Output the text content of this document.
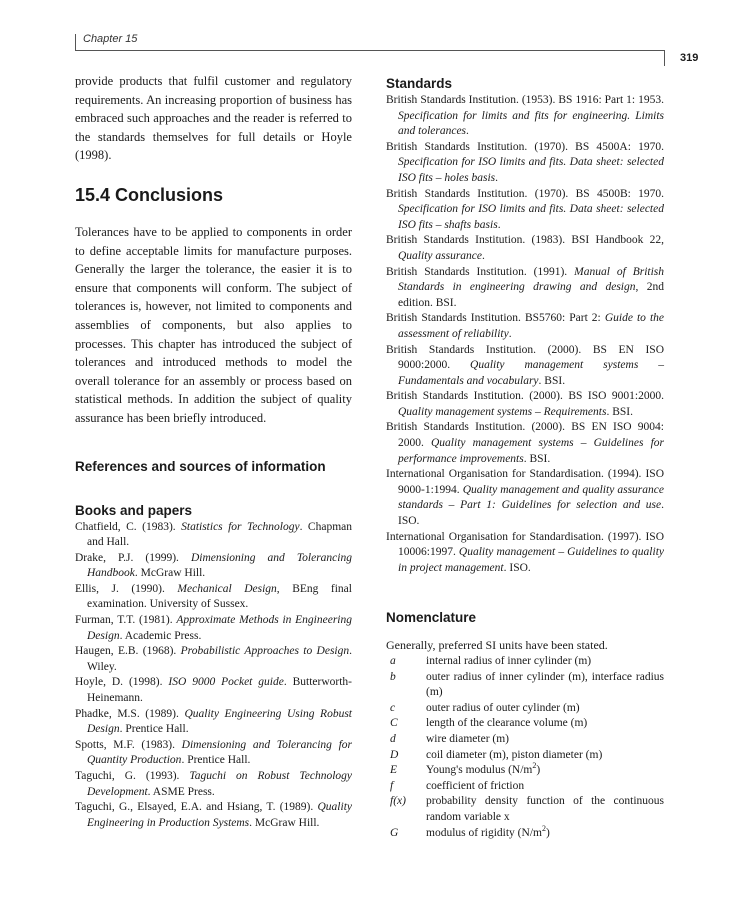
Chapter 15
319

provide products that fulfil customer and regulatory requirements. An increasing proportion of business has embraced such approaches and the reader is referred to the standards themselves for full details or Hoyle (1998).

15.4 Conclusions

Tolerances have to be applied to components in order to define acceptable limits for manufacture purposes. Generally the larger the tolerance, the easier it is to ensure that components will conform. The subject of tolerances is, however, not limited to components and assemblies of components, but also applies to processes. This chapter has introduced the subject of tolerances and introduced methods to model the overall tolerance for an assembly or process based on statistical methods. In addition the subject of quality assurance has been briefly introduced.

References and sources of information
Books and papers
Chatfield, C. (1983). Statistics for Technology. Chapman and Hall.
Drake, P.J. (1999). Dimensioning and Tolerancing Handbook. McGraw Hill.
Ellis, J. (1990). Mechanical Design, BEng final examination. University of Sussex.
Furman, T.T. (1981). Approximate Methods in Engineering Design. Academic Press.
Haugen, E.B. (1968). Probabilistic Approaches to Design. Wiley.
Hoyle, D. (1998). ISO 9000 Pocket guide. Butterworth-Heinemann.
Phadke, M.S. (1989). Quality Engineering Using Robust Design. Prentice Hall.
Spotts, M.F. (1983). Dimensioning and Tolerancing for Quantity Production. Prentice Hall.
Taguchi, G. (1993). Taguchi on Robust Technology Development. ASME Press.
Taguchi, G., Elsayed, E.A. and Hsiang, T. (1989). Quality Engineering in Production Systems. McGraw Hill.
Standards
British Standards Institution. (1953). BS 1916: Part 1: 1953. Specification for limits and fits for engineering. Limits and tolerances.
British Standards Institution. (1970). BS 4500A: 1970. Specification for ISO limits and fits. Data sheet: selected ISO fits – holes basis.
British Standards Institution. (1970). BS 4500B: 1970. Specification for ISO limits and fits. Data sheet: selected ISO fits – shafts basis.
British Standards Institution. (1983). BSI Handbook 22, Quality assurance.
British Standards Institution. (1991). Manual of British Standards in engineering drawing and design, 2nd edition. BSI.
British Standards Institution. BS5760: Part 2: Guide to the assessment of reliability.
British Standards Institution. (2000). BS EN ISO 9000:2000. Quality management systems – Fundamentals and vocabulary. BSI.
British Standards Institution. (2000). BS ISO 9001:2000. Quality management systems – Requirements. BSI.
British Standards Institution. (2000). BS EN ISO 9004: 2000. Quality management systems – Guidelines for performance improvements. BSI.
International Organisation for Standardisation. (1994). ISO 9000-1:1994. Quality management and quality assurance standards – Part 1: Guidelines for selection and use. ISO.
International Organisation for Standardisation. (1997). ISO 10006:1997. Quality management – Guidelines to quality in project management. ISO.
Nomenclature
Generally, preferred SI units have been stated.
a	internal radius of inner cylinder (m)
b	outer radius of inner cylinder (m), interface radius (m)
c	outer radius of outer cylinder (m)
C	length of the clearance volume (m)
d	wire diameter (m)
D	coil diameter (m), piston diameter (m)
E	Young's modulus $(N/m^2)$
f	coefficient of friction
f(x)	probability density function of the continuous random variable x
G	modulus of rigidity $(N/m^2)$
